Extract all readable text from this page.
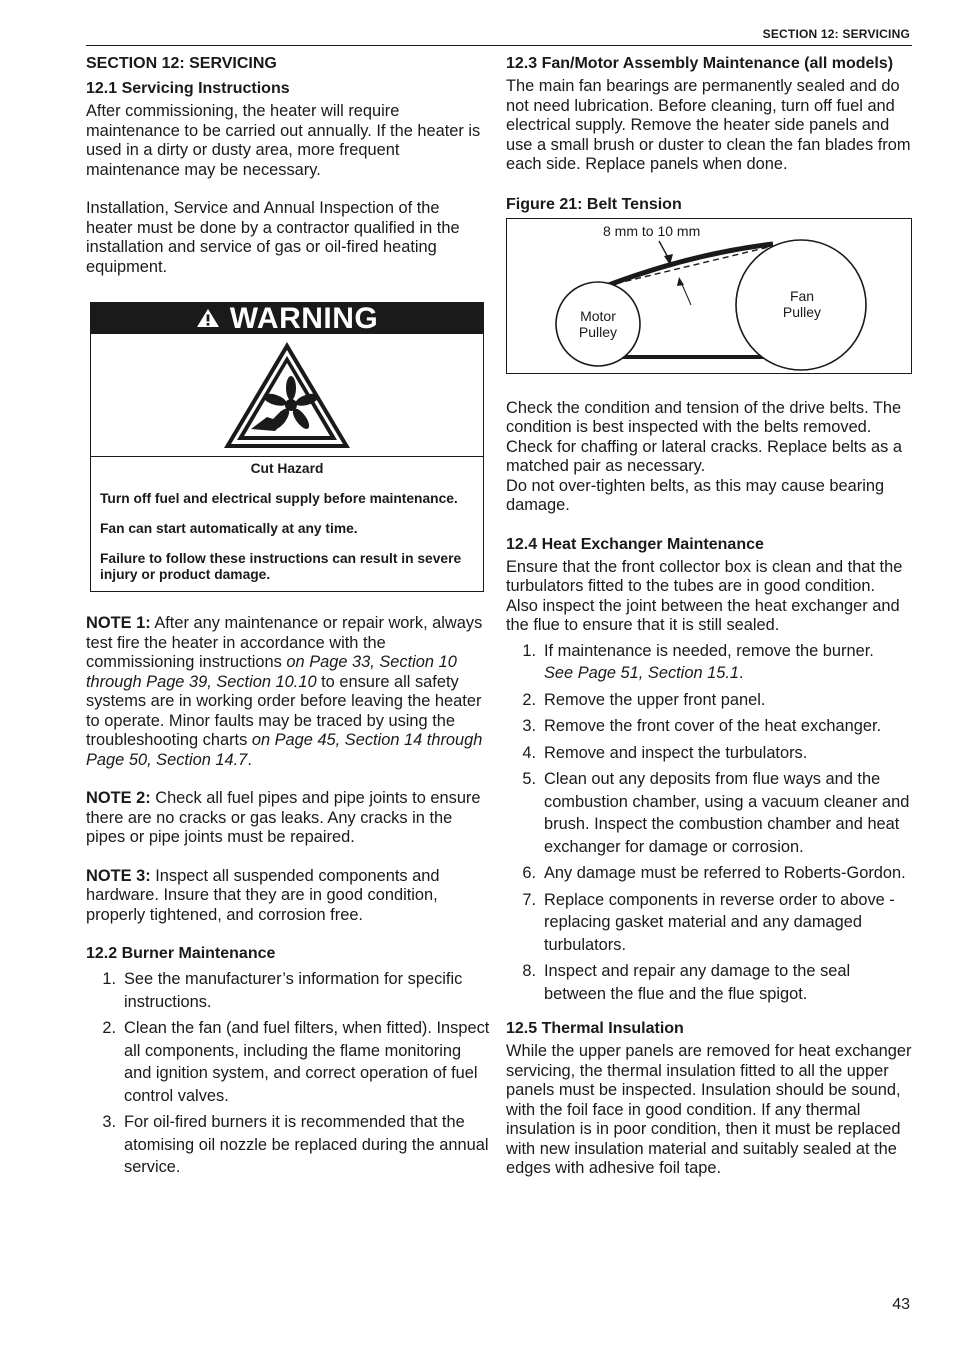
SECTION 12: SERVICING
SECTION 12: SERVICING
12.1 Servicing Instructions

After commissioning, the heater will require maintenance to be carried out annually. If the heater is used in a dirty or dusty area, more frequent maintenance may be necessary.

Installation, Service and Annual Inspection of the heater must be done by a contractor qualified in the installation and service of gas or oil-fired heating equipment.

WARNING
Cut Hazard
Turn off fuel and electrical supply before maintenance.
Fan can start automatically at any time.
Failure to follow these instructions can result in severe injury or product damage.

NOTE 1: After any maintenance or repair work, always test fire the heater in accordance with the commissioning instructions on Page 33, Section 10 through Page 39, Section 10.10 to ensure all safety systems are in working order before leaving the heater to operate. Minor faults may be traced by using the troubleshooting charts on Page 45, Section 14 through Page 50, Section 14.7.

NOTE 2: Check all fuel pipes and pipe joints to ensure there are no cracks or gas leaks. Any cracks in the pipes or pipe joints must be repaired.

NOTE 3: Inspect all suspended components and hardware. Insure that they are in good condition, properly tightened, and corrosion free.

12.2 Burner Maintenance
1. See the manufacturer’s information for specific instructions.
2. Clean the fan (and fuel filters, when fitted). Inspect all components, including the flame monitoring and ignition system, and correct operation of fuel control valves.
3. For oil-fired burners it is recommended that the atomising oil nozzle be replaced during the annual service.
12.3 Fan/Motor Assembly Maintenance (all models)

The main fan bearings are permanently sealed and do not need lubrication. Before cleaning, turn off fuel and electrical supply. Remove the heater side panels and use a small brush or duster to clean the fan blades from each side. Replace panels when done.

Figure 21: Belt Tension
8 mm to 10 mm
Motor
Pulley
Fan
Pulley

Check the condition and tension of the drive belts. The condition is best inspected with the belts removed. Check for chaffing or lateral cracks. Replace belts as a matched pair as necessary.

Do not over-tighten belts, as this may cause bearing damage.

12.4 Heat Exchanger Maintenance

Ensure that the front collector box is clean and that the turbulators fitted to the tubes are in good condition.

Also inspect the joint between the heat exchanger and the flue to ensure that it is still sealed.

1. If maintenance is needed, remove the burner.
See Page 51, Section 15.1.
2. Remove the upper front panel.
3. Remove the front cover of the heat exchanger.
4. Remove and inspect the turbulators.
5. Clean out any deposits from flue ways and the combustion chamber, using a vacuum cleaner and brush. Inspect the combustion chamber and heat exchanger for damage or corrosion.
6. Any damage must be referred to Roberts-Gordon.
7. Replace components in reverse order to above - replacing gasket material and any damaged turbulators.
8. Inspect and repair any damage to the seal between the flue and the flue spigot.
12.5 Thermal Insulation

While the upper panels are removed for heat exchanger servicing, the thermal insulation fitted to all the upper panels must be inspected. Insulation should be sound, with the foil face in good condition. If any thermal insulation is in poor condition, then it must be replaced with new insulation material and suitably sealed at the edges with adhesive foil tape.

43
